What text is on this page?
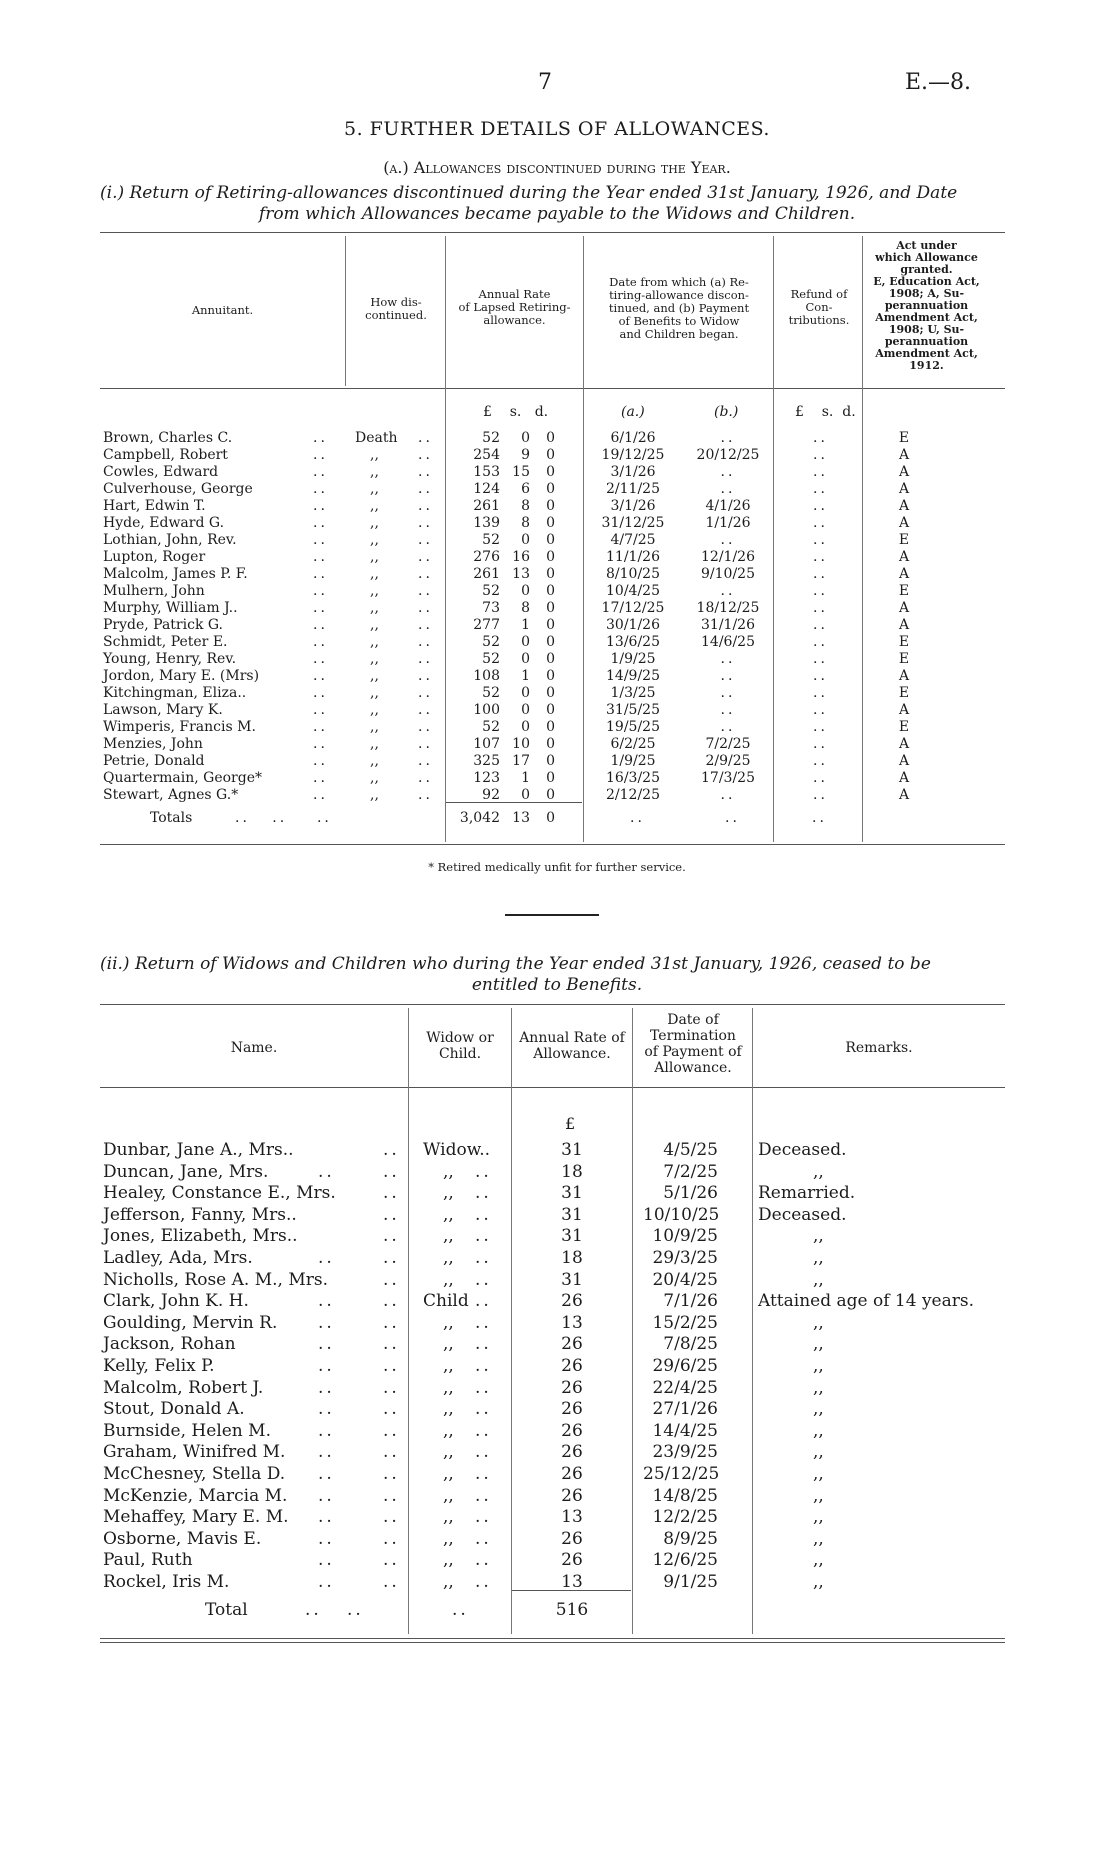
7	E.—8.
5. FURTHER DETAILS OF ALLOWANCES.
(a.) Allowances discontinued during the Year.
(i.) Return of Retiring-allowances discontinued during the Year ended 31st January, 1926, and Date
from which Allowances became payable to the Widows and Children.
Annuitant.
How dis-
continued.
Annual Rate
of Lapsed Retiring-
allowance.
Date from which (a) Re-
tiring-allowance discon-
tinued, and (b) Payment
of Benefits to Widow
and Children began.
Refund of
Con-
tributions.
Act under
which Allowance
granted.
E, Education Act,
1908; A, Su-
perannuation
Amendment Act,
1908; U, Su-
perannuation
Amendment Act,
1912.
£    s.   d.	(a.)	(b.)	£    s.  d.
Brown, Charles C.	.. Death ..	52	0	0	6/1/26	..	..	E
Campbell, Robert	..	,,	..	254	9	0	19/12/25	20/12/25	..	A
Cowles, Edward	..	,,	..	153 15	0	3/1/26	..	..	A
Culverhouse, George	..	,,	..	124	6	0	2/11/25	..	..	A
Hart, Edwin T.	..	,,	..	261	8	0	3/1/26	4/1/26	..	A
Hyde, Edward G.	..	,,	..	139	8	0	31/12/25	1/1/26	..	A
Lothian, John, Rev.	..	,,	..	52	0	0	4/7/25	..	..	E
Lupton, Roger	..	,,	..	276 16	0	11/1/26	12/1/26	..	A
Malcolm, James P. F.	..	,,	..	261 13	0	8/10/25	9/10/25	..	A
Mulhern, John	..	,,	..	52	0	0	10/4/25	..	..	E
Murphy, William J..	..	,,	..	73	8	0	17/12/25	18/12/25	..	A
Pryde, Patrick G.	..	,,	..	277	1	0	30/1/26	31/1/26	..	A
Schmidt, Peter E.	..	,,	..	52	0	0	13/6/25	14/6/25	..	E
Young, Henry, Rev.	..	,,	..	52	0	0	1/9/25	..	..	E
Jordon, Mary E. (Mrs)	..	,,	..	108	1	0	14/9/25	..	..	A
Kitchingman, Eliza..	..	,,	..	52	0	0	1/3/25	..	..	E
Lawson, Mary K.	..	,,	..	100	0	0	31/5/25	..	..	A
Wimperis, Francis M.	..	,,	..	52	0	0	19/5/25	..	..	E
Menzies, John	..	,,	..	107 10	0	6/2/25	7/2/25	..	A
Petrie, Donald	..	,,	..	325 17	0	1/9/25	2/9/25	..	A
Quartermain, George*	..	,,	..	123	1	0	16/3/25	17/3/25	..	A
Stewart, Agnes G.*	..	,,	..	92	0	0	2/12/25	..	..	A
Totals	..   ..    ..	3,042 13	0	..	..	..
* Retired medically unfit for further service.
(ii.) Return of Widows and Children who during the Year ended 31st January, 1926, ceased to be
entitled to Benefits.
Name.
Widow or
Child.
Annual Rate of
Allowance.
Date of
Termination
of Payment of
Allowance.
Remarks.
£
Dunbar, Jane A., Mrs..	.. Widow..	31	4/5/25 Deceased.
Duncan, Jane, Mrs.	..	..	,, ..	18	7/2/25	,,
Healey, Constance E., Mrs.	..	,, ..	31	5/1/26 Remarried.
Jefferson, Fanny, Mrs..	..	,, ..	31	10/10/25 Deceased.
Jones, Elizabeth, Mrs..	..	,, ..	31	10/9/25	,,
Ladley, Ada, Mrs.	..	..	,, ..	18	29/3/25	,,
Nicholls, Rose A. M., Mrs.	..	,, ..	31	20/4/25	,,
Clark, John K. H.	..	.. Child ..	26	7/1/26 Attained age of 14 years.
Goulding, Mervin R. ..	..	,, ..	13	15/2/25	,,
Jackson, Rohan	..	..	,, ..	26	7/8/25	,,
Kelly, Felix P.	..	..	,, ..	26	29/6/25	,,
Malcolm, Robert J.	..	..	,, ..	26	22/4/25	,,
Stout, Donald A.	..	..	,, ..	26	27/1/26	,,
Burnside, Helen M.	..	..	,, ..	26	14/4/25	,,
Graham, Winifred M. ..	..	,, ..	26	23/9/25	,,
McChesney, Stella D. ..	..	,, ..	26	25/12/25	,,
McKenzie, Marcia M. ..	..	,, ..	26	14/8/25	,,
Mehaffey, Mary E. M. ..	..	,, ..	13	12/2/25	,,
Osborne, Mavis E.	..	..	,, ..	26	8/9/25	,,
Paul, Ruth	..	..	,, ..	26	12/6/25	,,
Rockel, Iris M.	..	..	,, ..	13	9/1/25	,,
Total	..   ..	..	516
